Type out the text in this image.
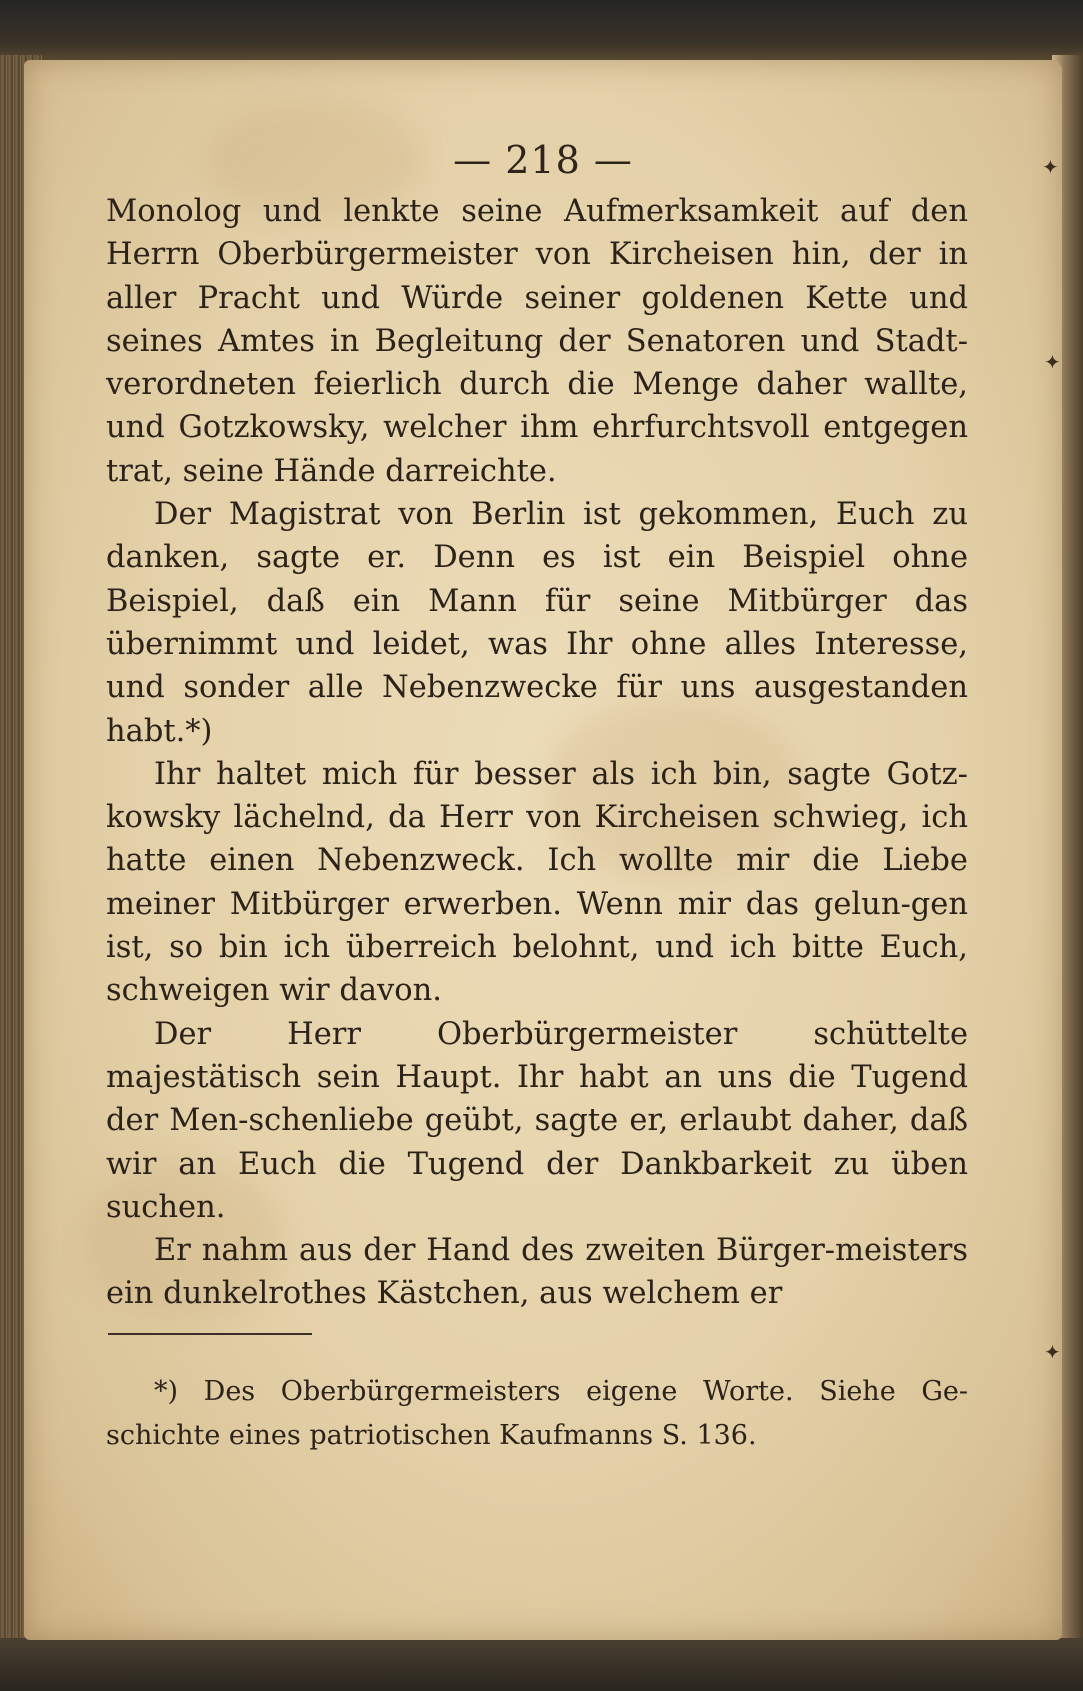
— 218 —

Monolog und lenkte seine Aufmerksamkeit auf den Herrn Oberbürgermeister von Kircheisen hin, der in aller Pracht und Würde seiner goldenen Kette und seines Amtes in Begleitung der Senatoren und Stadt-verordneten feierlich durch die Menge daher wallte, und Gotzkowsky, welcher ihm ehrfurchtsvoll entgegen trat, seine Hände darreichte.

Der Magistrat von Berlin ist gekommen, Euch zu danken, sagte er. Denn es ist ein Beispiel ohne Beispiel, daß ein Mann für seine Mitbürger das übernimmt und leidet, was Ihr ohne alles Interesse, und sonder alle Nebenzwecke für uns ausgestanden habt.*)

Ihr haltet mich für besser als ich bin, sagte Gotz-kowsky lächelnd, da Herr von Kircheisen schwieg, ich hatte einen Nebenzweck. Ich wollte mir die Liebe meiner Mitbürger erwerben. Wenn mir das gelun-gen ist, so bin ich überreich belohnt, und ich bitte Euch, schweigen wir davon.

Der Herr Oberbürgermeister schüttelte majestätisch sein Haupt. Ihr habt an uns die Tugend der Men-schenliebe geübt, sagte er, erlaubt daher, daß wir an Euch die Tugend der Dankbarkeit zu üben suchen.

Er nahm aus der Hand des zweiten Bürger-meisters ein dunkelrothes Kästchen, aus welchem er

*) Des Oberbürgermeisters eigene Worte. Siehe Ge-schichte eines patriotischen Kaufmanns S. 136.
✦
✦
✦
